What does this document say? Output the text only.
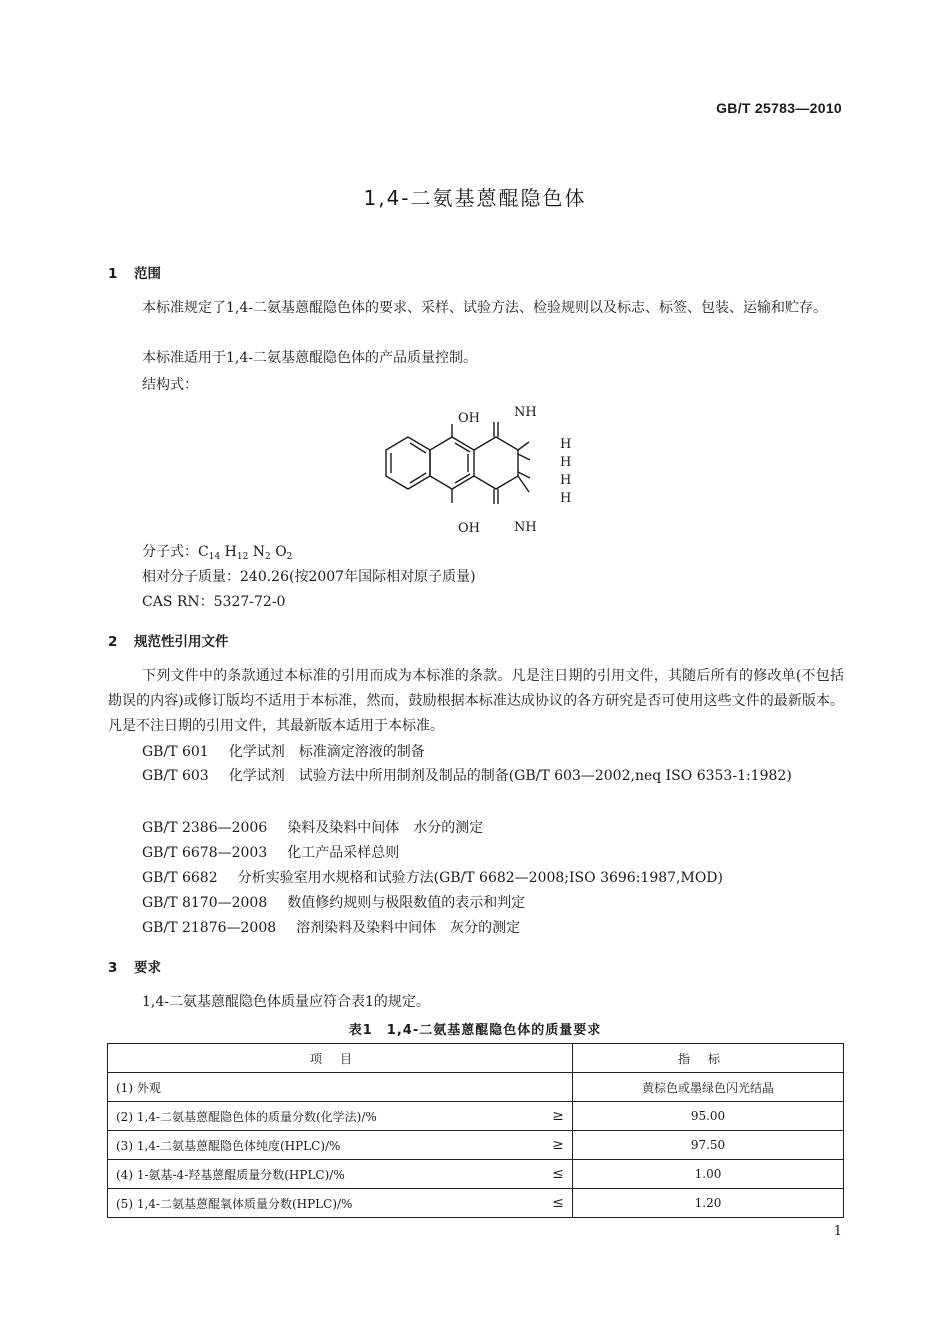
GB/T 25783—2010
1,4-二氨基蒽醌隐色体
1 范围
本标准规定了1,4-二氨基蒽醌隐色体的要求、采样、试验方法、检验规则以及标志、标签、包装、运输和贮存。
本标准适用于1,4-二氨基蒽醌隐色体的产品质量控制。
结构式：
OH	NH
OH	NH
H
H
H
H
分子式：$C_{14}$ $H_{12}$ $N_2$ $O_2$
相对分子质量：240.26(按2007年国际相对原子质量)
CAS RN：5327-72-0
2 规范性引用文件
下列文件中的条款通过本标准的引用而成为本标准的条款。凡是注日期的引用文件，其随后所有的修改单(不包括勘误的内容)或修订版均不适用于本标准，然而，鼓励根据本标准达成协议的各方研究是否可使用这些文件的最新版本。凡是不注日期的引用文件，其最新版本适用于本标准。
GB/T 601 化学试剂　标准滴定溶液的制备
GB/T 603 化学试剂　试验方法中所用制剂及制品的制备(GB/T 603—2002,neq ISO 6353-1:1982)
GB/T 2386—2006 染料及染料中间体　水分的测定
GB/T 6678—2003 化工产品采样总则
GB/T 6682 分析实验室用水规格和试验方法(GB/T 6682—2008;ISO 3696:1987,MOD)
GB/T 8170—2008 数值修约规则与极限数值的表示和判定
GB/T 21876—2008 溶剂染料及染料中间体　灰分的测定
3 要求
1,4-二氨基蒽醌隐色体质量应符合表1的规定。
表1　1,4-二氨基蒽醌隐色体的质量要求
项目		指标
(1) 外观		黄棕色或墨绿色闪光结晶
(2) 1,4-二氨基蒽醌隐色体的质量分数(化学法)/%	≥	95.00
(3) 1,4-二氨基蒽醌隐色体纯度(HPLC)/%	≥	97.50
(4) 1-氨基-4-羟基蒽醌质量分数(HPLC)/%	≤	1.00
(5) 1,4-二氨基蒽醌氧体质量分数(HPLC)/%	≤	1.20
1
